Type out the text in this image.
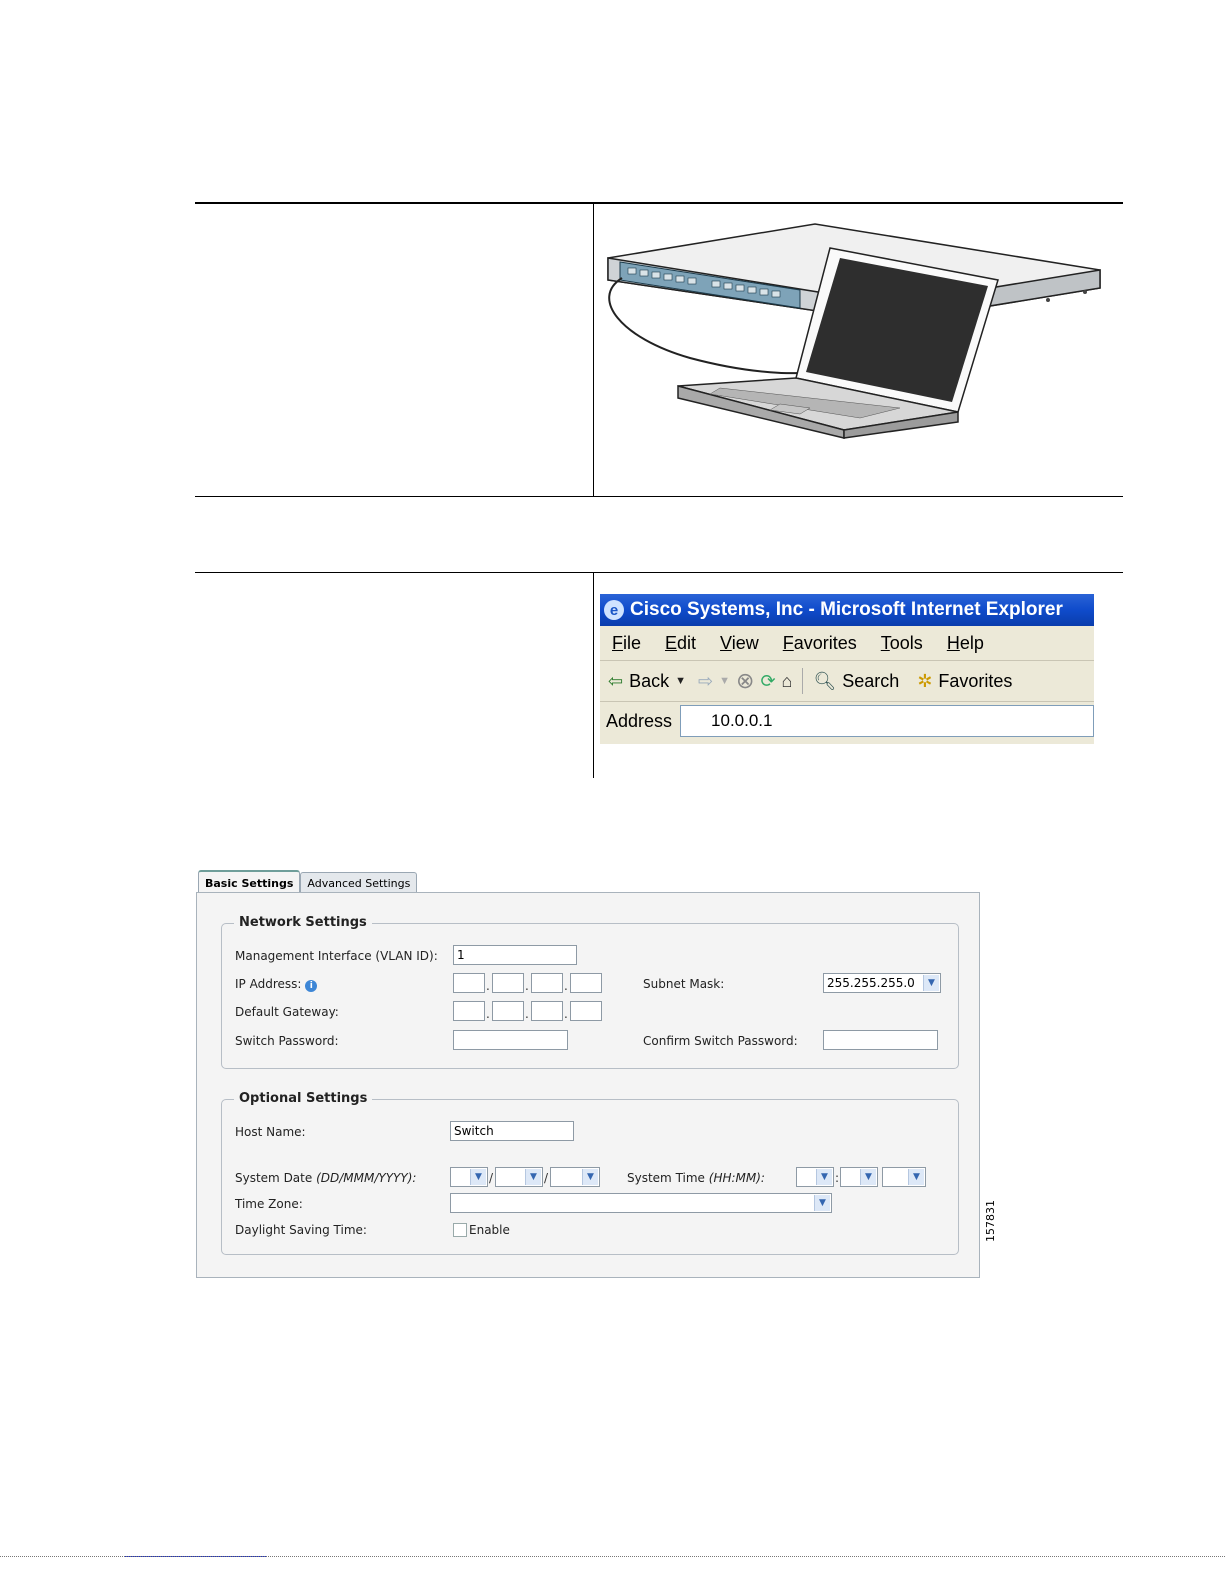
e Cisco Systems, Inc - Microsoft Internet Explorer
File Edit View Favorites Tools Help
⇦ Back ▼ ⇨ ▼ ⊗ ⟳ ⌂ 🔍︎ Search ✲ Favorites
Address	10.0.0.1
Basic Settings	Advanced Settings
Network Settings
Management Interface (VLAN ID):	1
IP Address: i	.	.	.	Subnet Mask:	255.255.255.0	▼
Default Gateway:	.	.	.
Switch Password:	Confirm Switch Password:
Optional Settings
Host Name:	Switch
System Date (DD/MMM/YYYY):	▼ /	▼ /	▼	System Time (HH:MM):	▼ :	▼	▼
Time Zone:	▼
Daylight Saving Time:	Enable	157831
